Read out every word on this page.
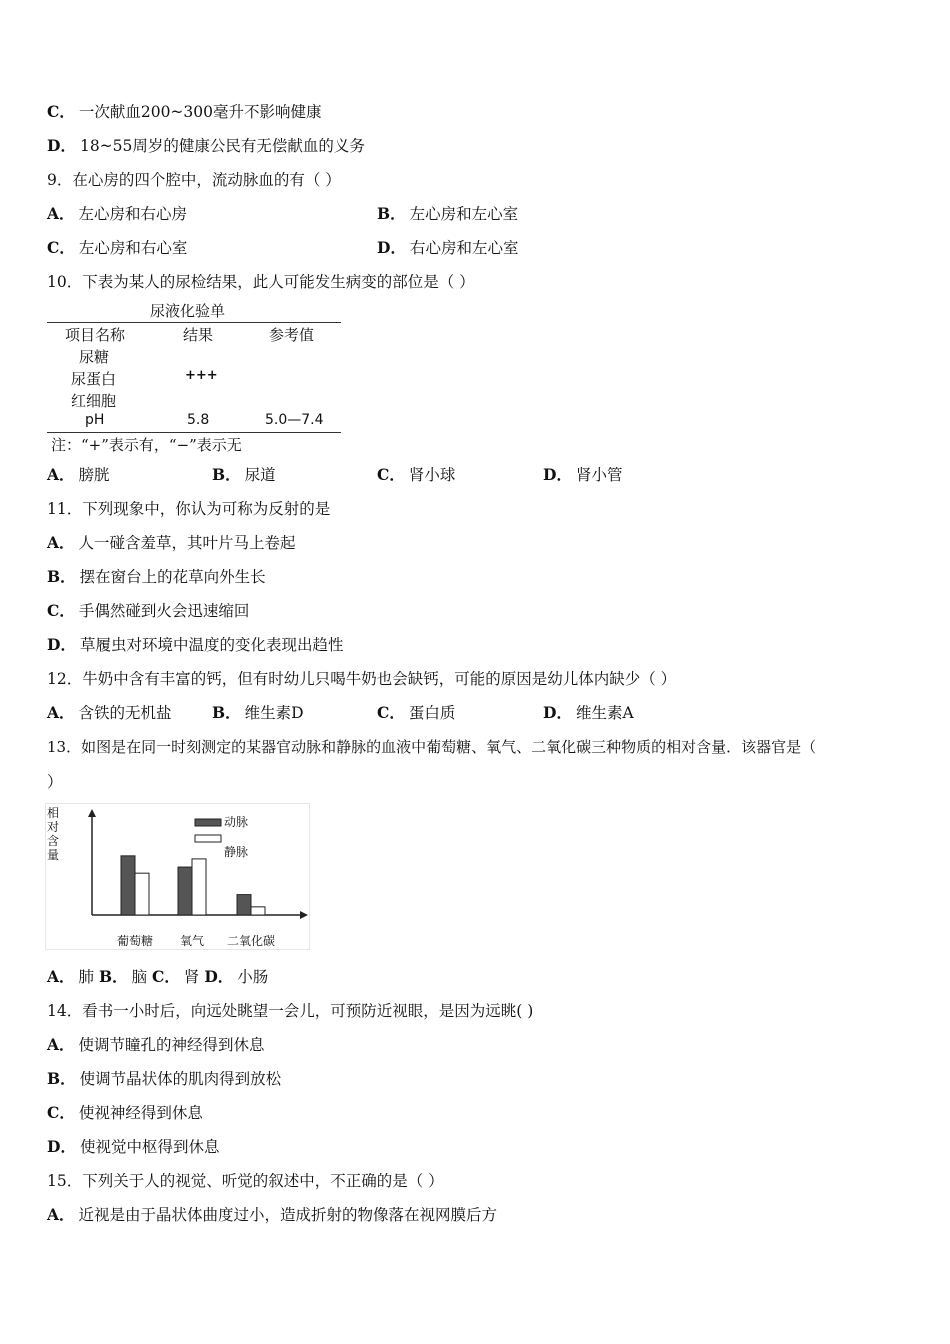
C． 一次献血200~300毫升不影响健康
D． 18~55周岁的健康公民有无偿献血的义务
9．在心房的四个腔中，流动脉血的有（ ）
A． 左心房和右心房	B． 左心房和左心室
C． 左心房和右心室	D． 右心房和左心室
10．下表为某人的尿检结果，此人可能发生病变的部位是（ ）
尿液化验单
项目名称	结果	参考值
尿糖
尿蛋白	+++
红细胞
pH	5.8	5.0—7.4
注：“+”表示有，“−”表示无
A． 膀胱	B． 尿道	C． 肾小球	D． 肾小管
11．下列现象中，你认为可称为反射的是
A． 人一碰含羞草，其叶片马上卷起
B． 摆在窗台上的花草向外生长
C． 手偶然碰到火会迅速缩回
D． 草履虫对环境中温度的变化表现出趋性
12．牛奶中含有丰富的钙，但有时幼儿只喝牛奶也会缺钙，可能的原因是幼儿体内缺少（ ）
A． 含铁的无机盐	B． 维生素D	C． 蛋白质	D． 维生素A
13．如图是在同一时刻测定的某器官动脉和静脉的血液中葡萄糖、氧气、二氧化碳三种物质的相对含量．该器官是（
）
相
对
含
量
葡萄糖 氧气 二氧化碳
动脉
静脉
A． 肺 B． 脑 C． 肾 D． 小肠
14．看书一小时后，向远处眺望一会儿，可预防近视眼，是因为远眺( )
A． 使调节瞳孔的神经得到休息
B． 使调节晶状体的肌肉得到放松
C． 使视神经得到休息
D． 使视觉中枢得到休息
15．下列关于人的视觉、听觉的叙述中，不正确的是（ ）
A． 近视是由于晶状体曲度过小，造成折射的物像落在视网膜后方
